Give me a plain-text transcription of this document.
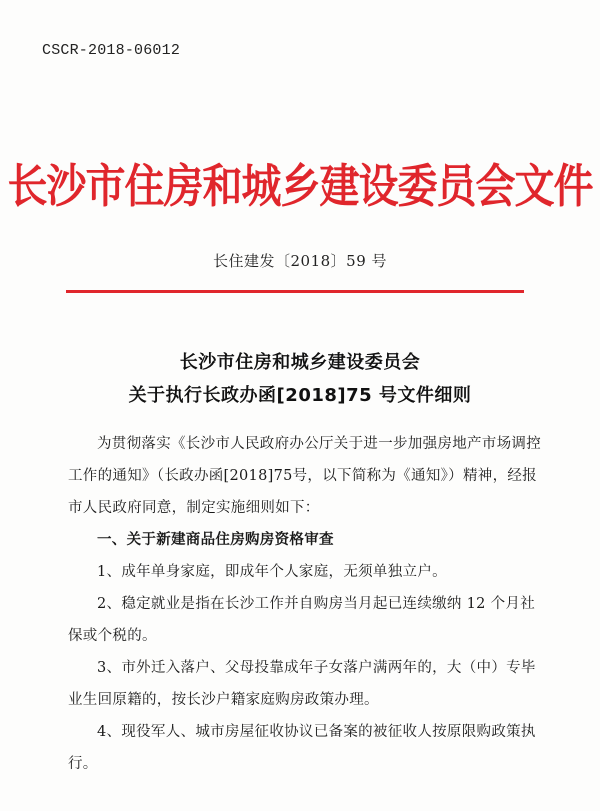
CSCR-2018-06012
长沙市住房和城乡建设委员会文件
长住建发〔2018〕59 号
长沙市住房和城乡建设委员会
关于执行长政办函[2018]75 号文件细则

为贯彻落实《长沙市人民政府办公厅关于进一步加强房地产市场调控工作的通知》（长政办函[2018]75号，以下简称为《通知》）精神，经报市人民政府同意，制定实施细则如下：

一、关于新建商品住房购房资格审查

1、成年单身家庭，即成年个人家庭，无须单独立户。

2、稳定就业是指在长沙工作并自购房当月起已连续缴纳 12 个月社保或个税的。

3、市外迁入落户、父母投靠成年子女落户满两年的，大（中）专毕业生回原籍的，按长沙户籍家庭购房政策办理。

4、现役军人、城市房屋征收协议已备案的被征收人按原限购政策执行。
